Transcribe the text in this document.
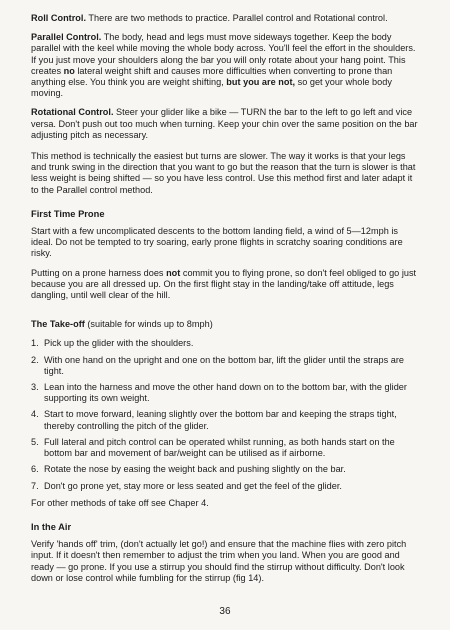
Roll Control. There are two methods to practice. Parallel control and Rotational control.

Parallel Control. The body, head and legs must move sideways together. Keep the body parallel with the keel while moving the whole body across. You'll feel the effort in the shoulders. If you just move your shoulders along the bar you will only rotate about your hang point. This creates no lateral weight shift and causes more difficulties when converting to prone than anything else. You think you are weight shifting, but you are not, so get your whole body moving.

Rotational Control. Steer your glider like a bike — TURN the bar to the left to go left and vice versa. Don't push out too much when turning. Keep your chin over the same position on the bar adjusting pitch as necessary.

This method is technically the easiest but turns are slower. The way it works is that your legs and trunk swing in the direction that you want to go but the reason that the turn is slower is that less weight is being shifted — so you have less control. Use this method first and later adapt it to the Parallel control method.

First Time Prone

Start with a few uncomplicated descents to the bottom landing field, a wind of 5—12mph is ideal. Do not be tempted to try soaring, early prone flights in scratchy soaring conditions are risky.

Putting on a prone harness does not commit you to flying prone, so don't feel obliged to go just because you are all dressed up. On the first flight stay in the landing/take off attitude, legs dangling, until well clear of the hill.

The Take-off (suitable for winds up to 8mph)

1. Pick up the glider with the shoulders.
2. With one hand on the upright and one on the bottom bar, lift the glider until the straps are tight.
3. Lean into the harness and move the other hand down on to the bottom bar, with the glider supporting its own weight.
4. Start to move forward, leaning slightly over the bottom bar and keeping the straps tight, thereby controlling the pitch of the glider.
5. Full lateral and pitch control can be operated whilst running, as both hands start on the bottom bar and movement of bar/weight can be utilised as if airborne.
6. Rotate the nose by easing the weight back and pushing slightly on the bar.
7. Don't go prone yet, stay more or less seated and get the feel of the glider.

For other methods of take off see Chaper 4.

In the Air

Verify 'hands off' trim, (don't actually let go!) and ensure that the machine flies with zero pitch input. If it doesn't then remember to adjust the trim when you land. When you are good and ready — go prone. If you use a stirrup you should find the stirrup without difficulty. Don't look down or lose control while fumbling for the stirrup (fig 14).

36
